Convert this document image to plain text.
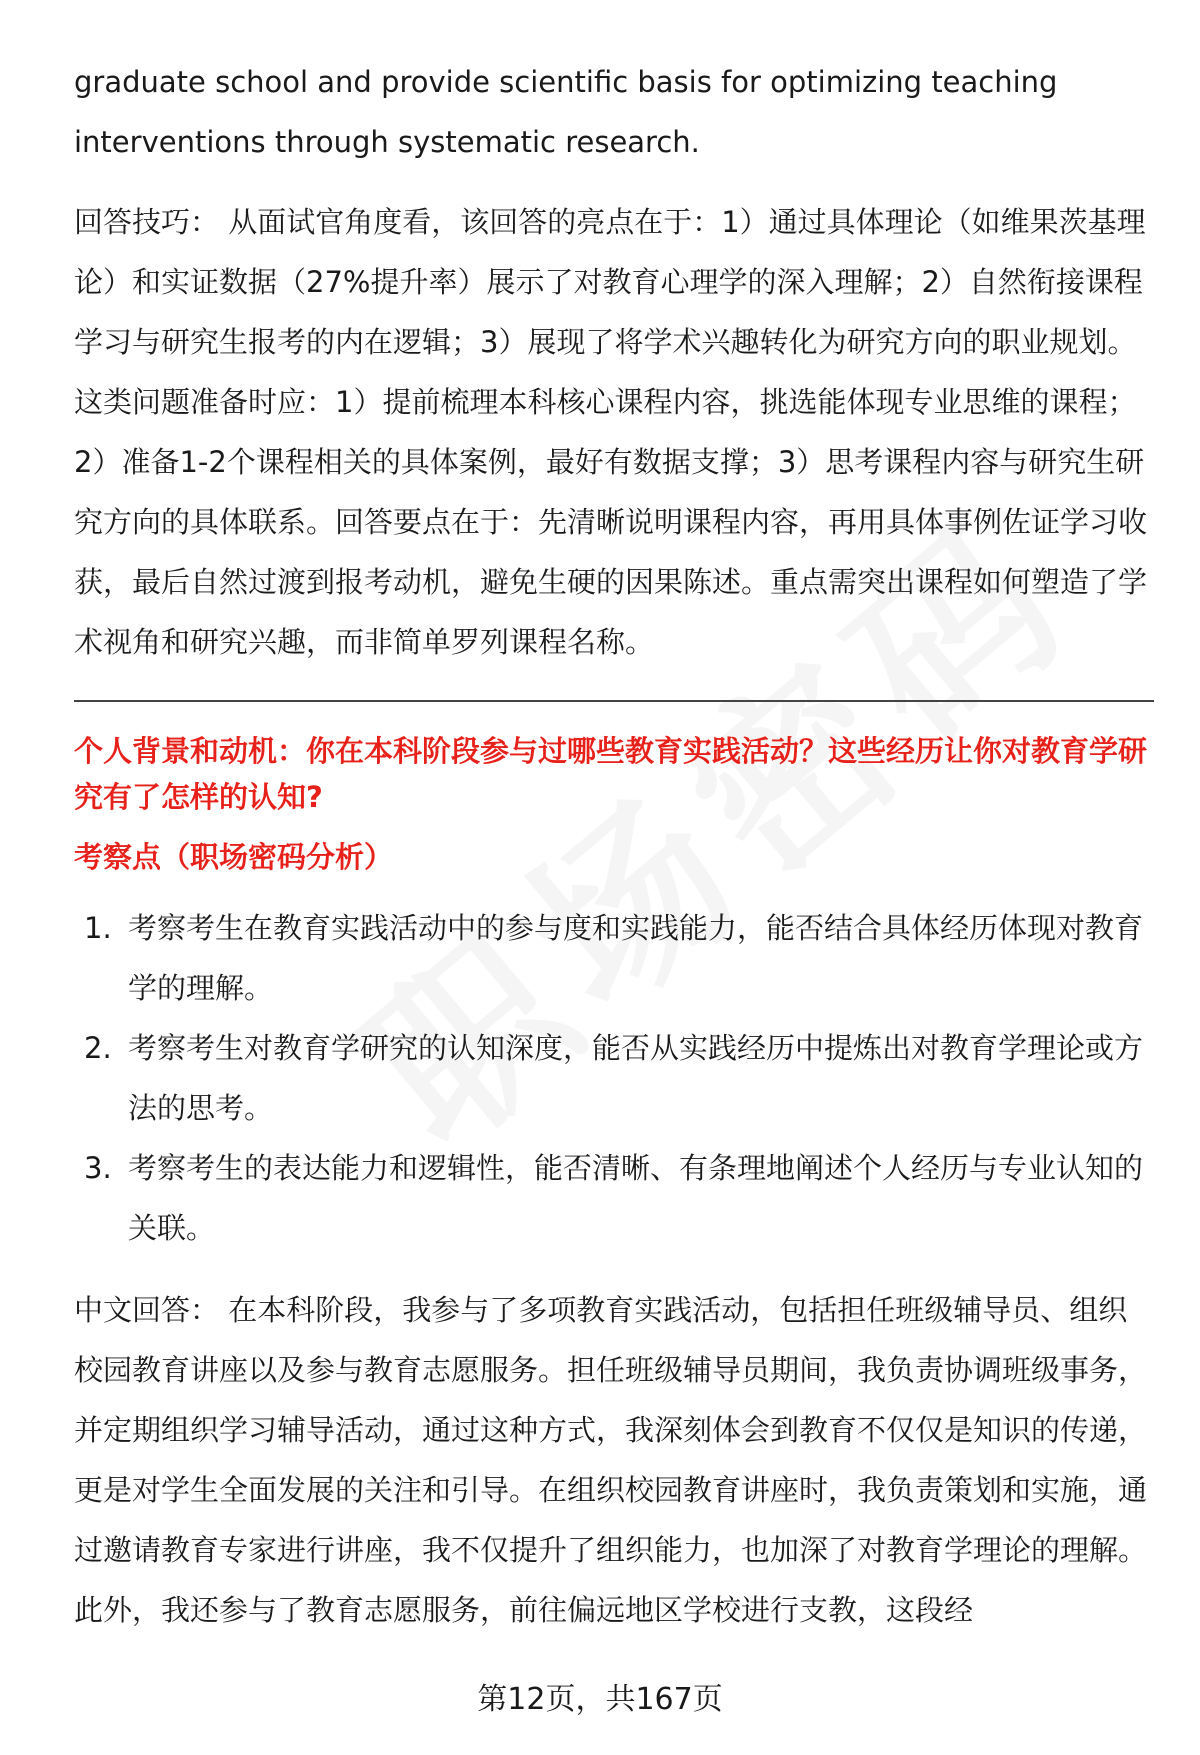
graduate school and provide scientific basis for optimizing teaching interventions through systematic research.

回答技巧： 从面试官角度看，该回答的亮点在于：1）通过具体理论（如维果茨基理论）和实证数据（27%提升率）展示了对教育心理学的深入理解；2）自然衔接课程学习与研究生报考的内在逻辑；3）展现了将学术兴趣转化为研究方向的职业规划。这类问题准备时应：1）提前梳理本科核心课程内容，挑选能体现专业思维的课程；2）准备1-2个课程相关的具体案例，最好有数据支撑；3）思考课程内容与研究生研究方向的具体联系。回答要点在于：先清晰说明课程内容，再用具体事例佐证学习收获，最后自然过渡到报考动机，避免生硬的因果陈述。重点需突出课程如何塑造了学术视角和研究兴趣，而非简单罗列课程名称。

个人背景和动机：你在本科阶段参与过哪些教育实践活动？这些经历让你对教育学研究有了怎样的认知?

考察点（职场密码分析）

1. 考察考生在教育实践活动中的参与度和实践能力，能否结合具体经历体现对教育学的理解。
2. 考察考生对教育学研究的认知深度，能否从实践经历中提炼出对教育学理论或方法的思考。
3. 考察考生的表达能力和逻辑性，能否清晰、有条理地阐述个人经历与专业认知的关联。

中文回答： 在本科阶段，我参与了多项教育实践活动，包括担任班级辅导员、组织校园教育讲座以及参与教育志愿服务。担任班级辅导员期间，我负责协调班级事务，并定期组织学习辅导活动，通过这种方式，我深刻体会到教育不仅仅是知识的传递，更是对学生全面发展的关注和引导。在组织校园教育讲座时，我负责策划和实施，通过邀请教育专家进行讲座，我不仅提升了组织能力，也加深了对教育学理论的理解。此外，我还参与了教育志愿服务，前往偏远地区学校进行支教，这段经

第12页，共167页
